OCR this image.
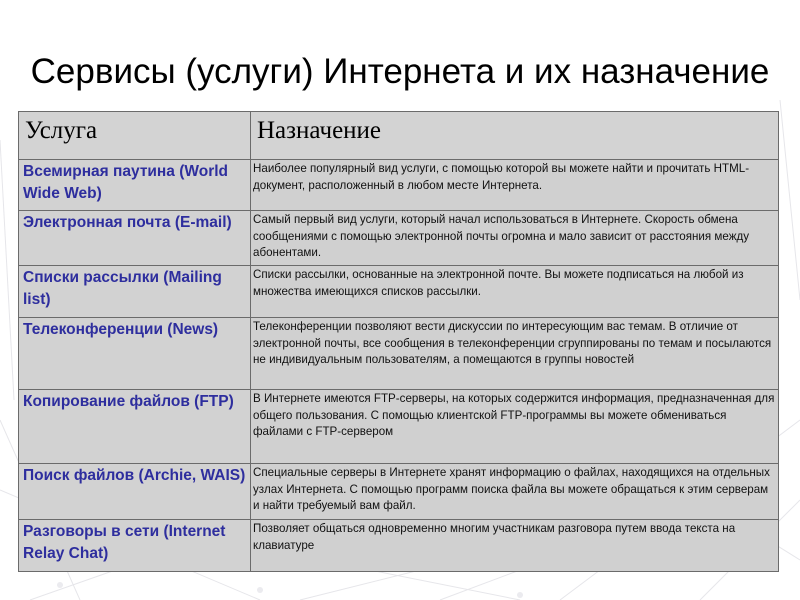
Сервисы (услуги) Интернета и их назначение
Услуга	Назначение
Всемирная паутина (World Wide Web)	Наиболее популярный вид услуги, с помощью которой вы можете найти и прочитать HTML-документ, расположенный в любом месте Интернета.
Электронная почта (E-mail)	Самый первый вид услуги, который начал использоваться в Интернете. Скорость обмена сообщениями с помощью электронной почты огромна и мало зависит от расстояния между абонентами.
Списки рассылки (Mailing list)	Списки рассылки, основанные на электронной почте. Вы можете подписаться на любой из множества имеющихся списков рассылки.
Телеконференции (News)	Телеконференции позволяют вести дискуссии по интересующим вас темам. В отличие от электронной почты, все сообщения в телеконференции сгруппированы по темам и посылаются не индивидуальным пользователям, а помещаются в группы новостей
Копирование файлов (FTP)	В Интернете имеются FTP-серверы, на которых содержится информация, предназначенная для общего пользования. С помощью клиентской FTP-программы вы можете обмениваться файлами с FTP-сервером
Поиск файлов (Archie, WAIS)	Специальные серверы в Интернете хранят информацию о файлах, находящихся на отдельных узлах Интернета. С помощью программ поиска файла вы можете обращаться к этим серверам и найти требуемый вам файл.
Разговоры в сети (Internet Relay Chat)	Позволяет общаться одновременно многим участникам разговора путем ввода текста на клавиатуре
